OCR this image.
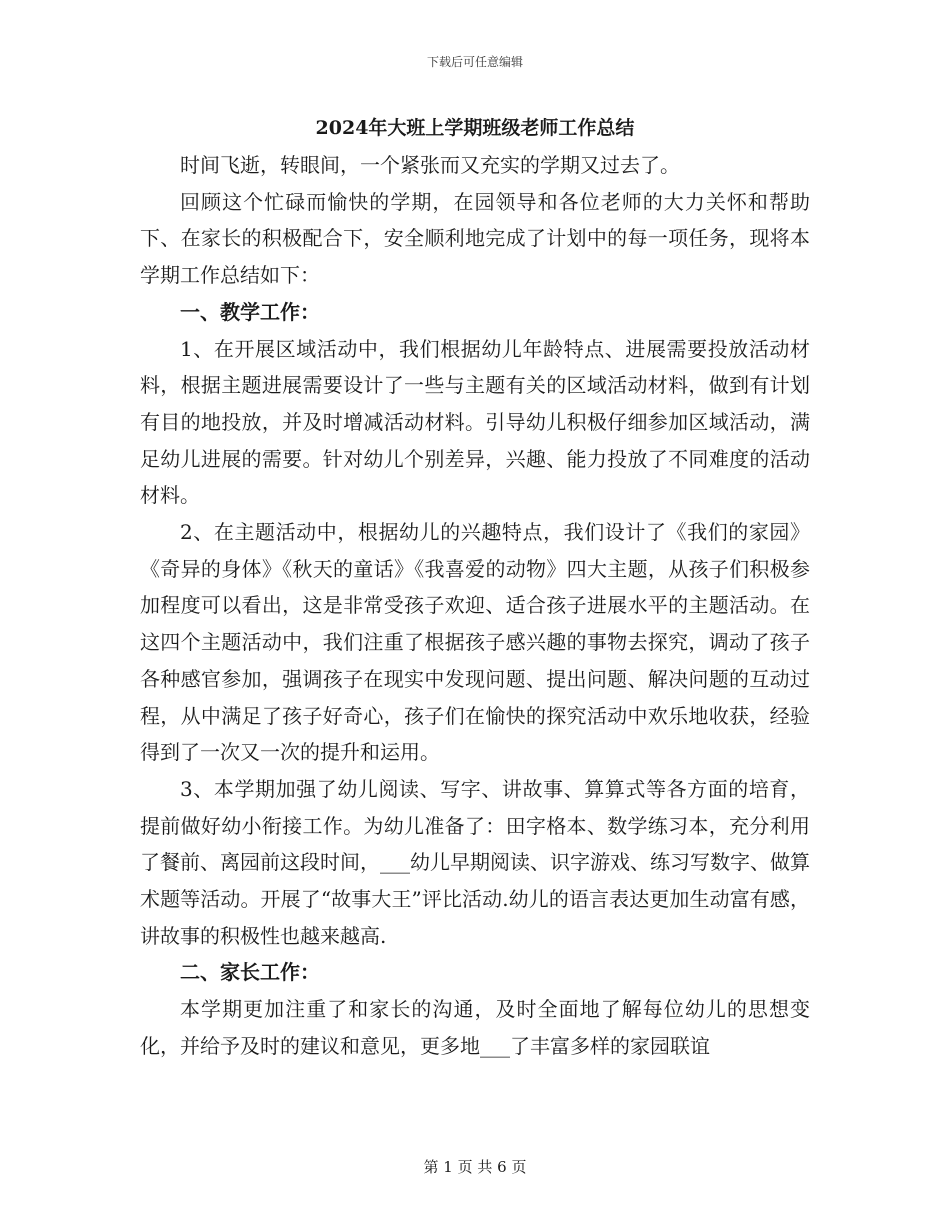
下载后可任意编辑
2024年大班上学期班级老师工作总结

时间飞逝，转眼间，一个紧张而又充实的学期又过去了。

回顾这个忙碌而愉快的学期，在园领导和各位老师的大力关怀和帮助下、在家长的积极配合下，安全顺利地完成了计划中的每一项任务，现将本学期工作总结如下：

一、教学工作：

1、在开展区域活动中，我们根据幼儿年龄特点、进展需要投放活动材料，根据主题进展需要设计了一些与主题有关的区域活动材料，做到有计划有目的地投放，并及时增减活动材料。引导幼儿积极仔细参加区域活动，满足幼儿进展的需要。针对幼儿个别差异，兴趣、能力投放了不同难度的活动材料。

2、在主题活动中，根据幼儿的兴趣特点，我们设计了《我们的家园》《奇异的身体》《秋天的童话》《我喜爱的动物》四大主题，从孩子们积极参加程度可以看出，这是非常受孩子欢迎、适合孩子进展水平的主题活动。在这四个主题活动中，我们注重了根据孩子感兴趣的事物去探究，调动了孩子各种感官参加，强调孩子在现实中发现问题、提出问题、解决问题的互动过程，从中满足了孩子好奇心，孩子们在愉快的探究活动中欢乐地收获，经验得到了一次又一次的提升和运用。

3、本学期加强了幼儿阅读、写字、讲故事、算算式等各方面的培育，提前做好幼小衔接工作。为幼儿准备了：田字格本、数学练习本，充分利用了餐前、离园前这段时间，___幼儿早期阅读、识字游戏、练习写数字、做算术题等活动。开展了“故事大王”评比活动.幼儿的语言表达更加生动富有感，讲故事的积极性也越来越高.

二、家长工作：

本学期更加注重了和家长的沟通，及时全面地了解每位幼儿的思想变化，并给予及时的建议和意见，更多地___了丰富多样的家园联谊

第 1 页 共 6 页
